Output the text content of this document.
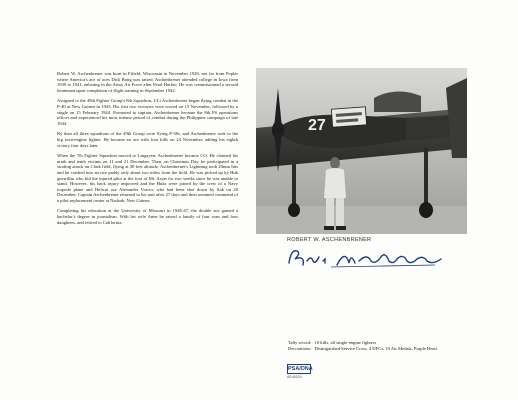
Robert W. Aschenbrener was born in Fifield, Wisconsin in November 1920, not far from Poplar where America's ace of aces Dick Bong was raised. Aschenbrener attended college in Iowa from 1939 to 1941, enlisting in the Army Air Force after Pearl Harbor. He was commissioned a second lieutenant upon completion of flight training in September 1942.

Assigned to the 49th Fighter Group's 8th Squadron, 1/Lt Aschenbrener began flying combat in the P-40 at New Guinea in 1943. His first two victories were scored on 15 November, followed by a single on 15 February 1944. Promoted to captain, Aschenbrener became the 8th FS operations officer and experienced his most intense period of combat during the Philippine campaign of late 1944.

By then all three squadrons of the 49th Group were flying P-38s, and Aschenbrener took to the big twin-engine fighter. He became an ace with four kills on 24 November, adding his eighth victory four days later.

When the 7th Fighter Squadron moved to Lingayen, Aschenbrener became CO. He claimed his ninth and tenth victims on 11 and 21 December. Then, on Christmas Day, he participated in a strafing attack on Clark field, flying at 30 feet altitude, Aschenbrener's Lightning took 20mm hits and he crashed into an rice paddy only about two miles from the field. He was picked up by Huk guerrillas who hid the injured pilot at the foot of Mt. Aryat for two weeks since he was unable to stand. However, his back injury improved and the Huks were joined by the crew of a Navy torpedo plane and Helicat ace Alexander Vraciu, who had been shot down by flak on 20 December. Captain Aschenbrener returned to his unit after 27 days and then assumed command of a pilot replacement center at Nadzab, New Guinea.

Completing his education at the University of Missouri in 1946-47, the double ace gained a bachelor's degree in journalism. With his wife Anne he raised a family of four sons and four daughters, and retired to California.

27
ROBERT W. ASCHENBRENER
Tally record: 10 kills, all single-engine fighters
Decorations: Distinguished Service Cross, 4 DFCs, 10 Air Medals, Purple Heart
PSA/DNA
AE40024
